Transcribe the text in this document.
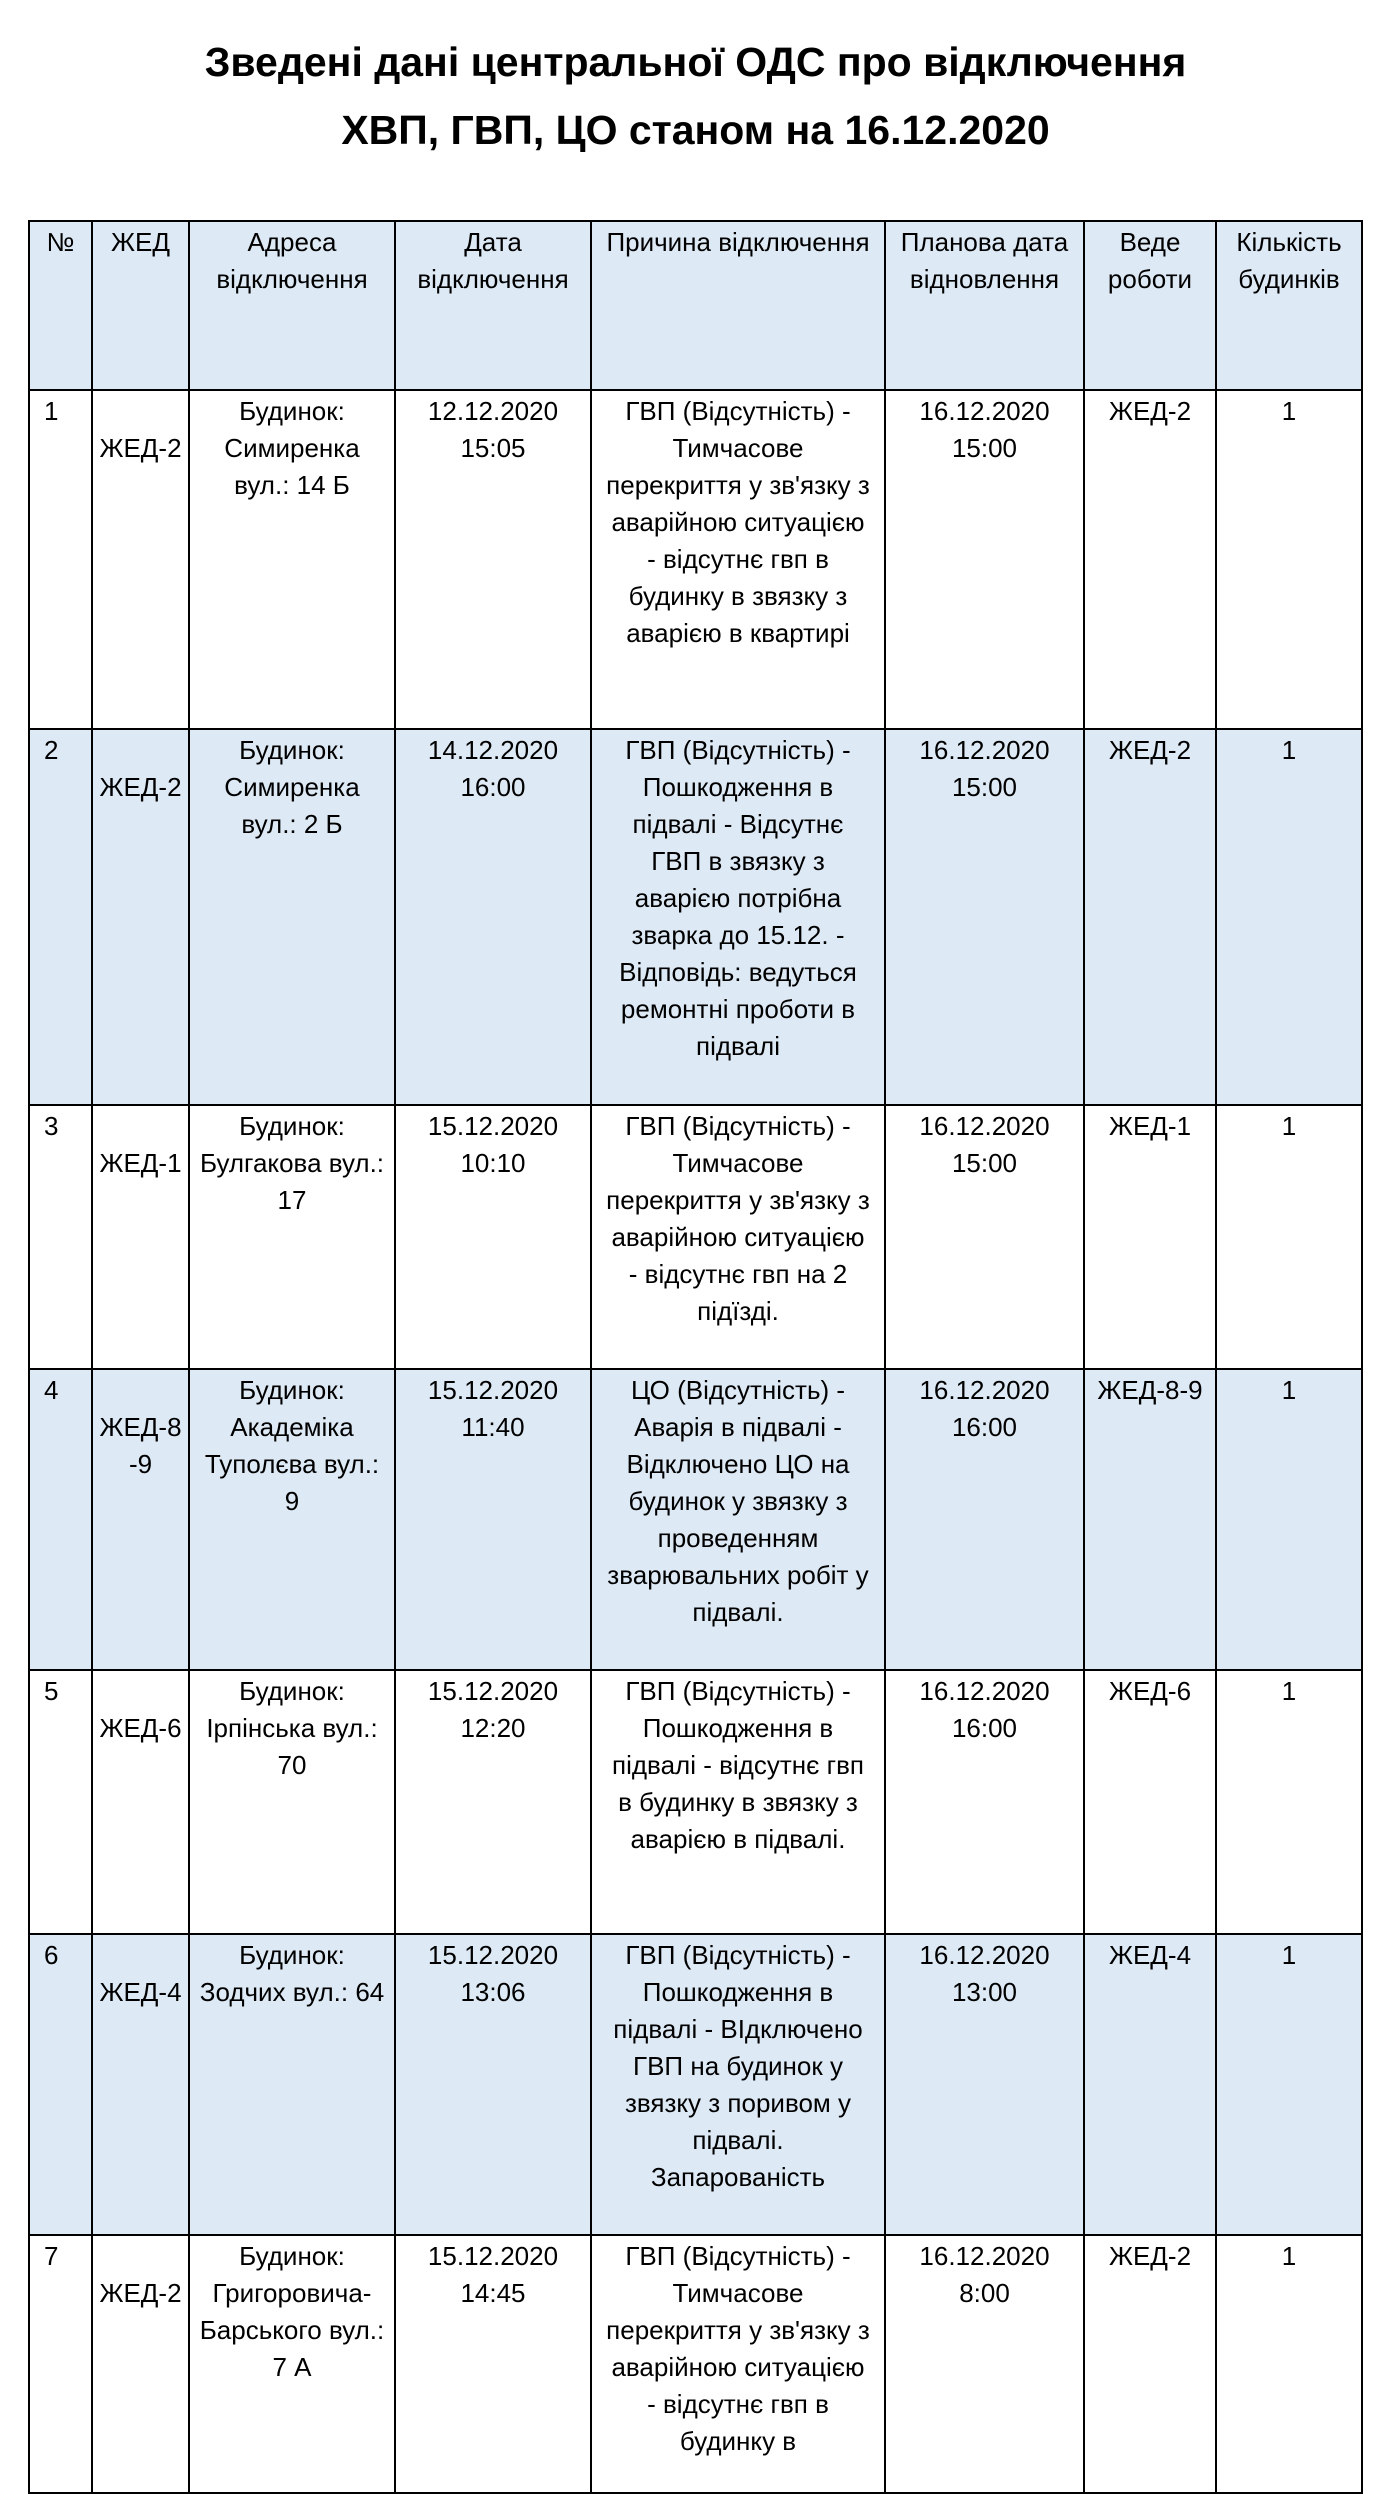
Зведені дані центральної ОДС про відключення
ХВП, ГВП, ЦО станом на 16.12.2020
№	ЖЕД	Адреса відключення	Дата відключення	Причина відключення	Планова дата відновлення	Веде роботи	Кількість будинків
1	ЖЕД-2	Будинок: Симиренка вул.: 14 Б	12.12.2020 15:05	ГВП (Відсутність) - Тимчасове перекриття у зв'язку з аварійною ситуацією - відсутнє гвп в будинку в звязку з аварією в квартирі	16.12.2020 15:00	ЖЕД-2	1
2	ЖЕД-2	Будинок: Симиренка вул.: 2 Б	14.12.2020 16:00	ГВП (Відсутність) - Пошкодження в підвалі - Відсутнє ГВП в звязку з аварією потрібна зварка до 15.12. - Відповідь: ведуться ремонтні проботи в підвалі	16.12.2020 15:00	ЖЕД-2	1
3	ЖЕД-1	Будинок: Булгакова вул.: 17	15.12.2020 10:10	ГВП (Відсутність) - Тимчасове перекриття у зв'язку з аварійною ситуацією - відсутнє гвп на 2 підїзді.	16.12.2020 15:00	ЖЕД-1	1
4	ЖЕД-8-9	Будинок: Академіка Туполєва вул.: 9	15.12.2020 11:40	ЦО (Відсутність) - Аварія в підвалі - Відключено ЦО на будинок у звязку з проведенням зварювальних робіт у підвалі.	16.12.2020 16:00	ЖЕД-8-9	1
5	ЖЕД-6	Будинок: Ірпінська вул.: 70	15.12.2020 12:20	ГВП (Відсутність) - Пошкодження в підвалі - відсутнє гвп в будинку в звязку з аварією в підвалі.	16.12.2020 16:00	ЖЕД-6	1
6	ЖЕД-4	Будинок: Зодчих вул.: 64	15.12.2020 13:06	ГВП (Відсутність) - Пошкодження в підвалі - ВІдключено ГВП на будинок у звязку з поривом у підвалі. Запарованість	16.12.2020 13:00	ЖЕД-4	1
7	ЖЕД-2	Будинок: Григоровича-Барського вул.: 7 А	15.12.2020 14:45	ГВП (Відсутність) - Тимчасове перекриття у зв'язку з аварійною ситуацією - відсутнє гвп в будинку в	16.12.2020 8:00	ЖЕД-2	1
